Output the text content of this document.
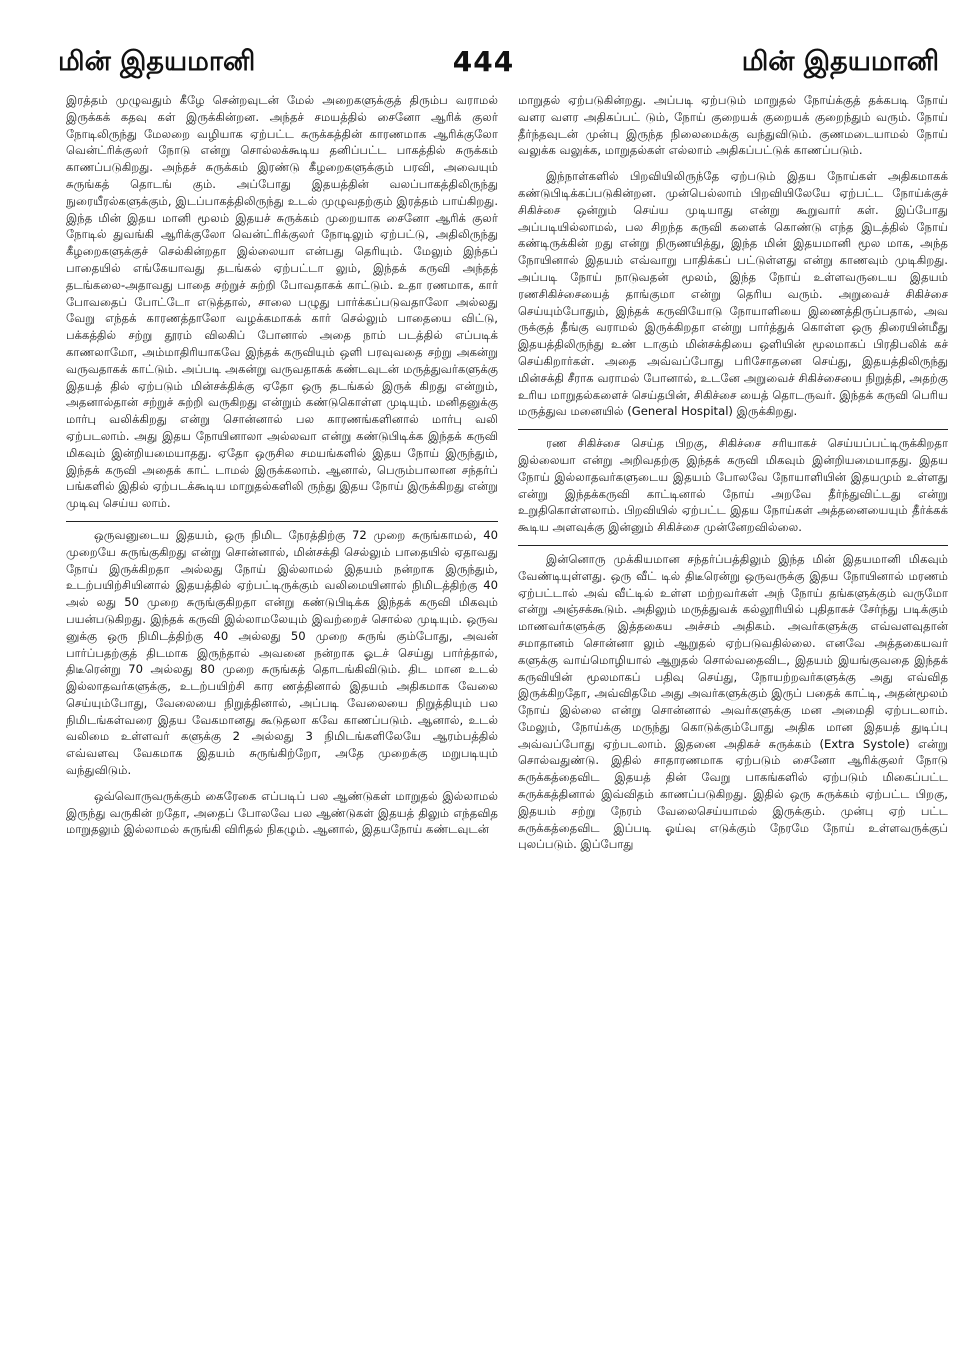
மின் இதயமானி	444	மின் இதயமானி

இரத்தம் முழுவதும் கீழே சென்றவுடன் மேல் அறைகளுக்குத் திரும்ப வராமல் இருக்கக் கதவு கள் இருக்கின்றன. அந்தச் சமயத்தில் சைனோ ஆரிக் குலர் நோடிலிருந்து மேலறை வழியாக ஏற்பட்ட சுருக்கத்தின் காரணமாக ஆரிக்குலோ வென்ட்ரிக்குலர் நோடு என்று சொல்லக்கூடிய தனிப்பட்ட பாகத்தில் சுருக்கம் காணப்படுகிறது. அந்தச் சுருக்கம் இரண்டு கீழறைகளுக்கும் பரவி, அவையும் சுருங்கத் தொடங் கும். அப்போது இதயத்தின் வலப்பாகத்திலிருந்து நுரையீரல்களுக்கும், இடப்பாகத்திலிருந்து உடல் முழுவதற்கும் இரத்தம் பாய்கிறது. இந்த மின் இதய மானி மூலம் இதயச் சுருக்கம் முறையாக சைனோ ஆரிக் குலர் நோடில் துவங்கி ஆரிக்குலோ வென்ட்ரிக்குலர் நோடிலும் ஏற்பட்டு, அதிலிருந்து கீழறைகளுக்குச் செல்கின்றதா இல்லையா என்பது தெரியும். மேலும் இந்தப் பாதையில் எங்கேயாவது தடங்கல் ஏற்பட்டா லும், இந்தக் கருவி அந்தத் தடங்கலை-அதாவது பாதை சற்றுச் சுற்றி போவதாகக் காட்டும். உதா ரணமாக, கார் போவதைப் போட்டோ எடுத்தால், சாலை பழுது பார்க்கப்படுவதாலோ அல்லது வேறு எந்தக் காரணத்தாலோ வழக்கமாகக் கார் செல்லும் பாதையை விட்டு, பக்கத்தில் சற்று தூரம் விலகிப் போனால் அதை நாம் படத்தில் எப்படிக் காணலாமோ, அம்மாதிரியாகவே இந்தக் கருவியும் ஒளி பரவுவதை சற்று அகன்று வருவதாகக் காட்டும். அப்படி அகன்று வருவதாகக் கண்டவுடன் மருத்துவர்களுக்கு இதயத் தில் ஏற்படும் மின்சக்திக்கு ஏதோ ஒரு தடங்கல் இருக் கிறது என்றும், அதனால்தான் சற்றுச் சுற்றி வருகிறது என்றும் கண்டுகொள்ள முடியும். மனிதனுக்கு மார்பு வலிக்கிறது என்று சொன்னால் பல காரணங்களினால் மார்பு வலி ஏற்படலாம். அது இதய நோயினாலா அல்லவா என்று கண்டுபிடிக்க இந்தக் கருவி மிகவும் இன்றியமையாதது. ஏதோ ஒருசில சமயங்களில் இதய நோய் இருந்தும், இந்தக் கருவி அதைக் காட் டாமல் இருக்கலாம். ஆனால், பெரும்பாலான சந்தர்ப் பங்களில் இதில் ஏற்படக்கூடிய மாறுதல்களிலி ருந்து இதய நோய் இருக்கிறது என்று முடிவு செய்ய லாம்.

ஒருவனுடைய இதயம், ஒரு நிமிட நேரத்திற்கு 72 முறை சுருங்காமல், 40 முறையே சுருங்குகிறது என்று சொன்னால், மின்சக்தி செல்லும் பாதையில் ஏதாவது நோய் இருக்கிறதா அல்லது நோய் இல்லாமல் இதயம் நன்றாக இருந்தும், உடற்பயிற்சியினால் இதயத்தில் ஏற்பட்டிருக்கும் வலிமையினால் நிமிடத்திற்கு 40 அல் லது 50 முறை சுருங்குகிறதா என்று கண்டுபிடிக்க இந்தக் கருவி மிகவும் பயன்படுகிறது. இந்தக் கருவி இல்லாமலேயும் இவற்றைச் சொல்ல முடியும். ஒருவ னுக்கு ஒரு நிமிடத்திற்கு 40 அல்லது 50 முறை சுருங் கும்போது, அவன் பார்ப்பதற்குத் திடமாக இருந்தால் அவனை நன்றாக ஓடச் செய்து பார்த்தால், திடீரென்று 70 அல்லது 80 முறை சுருங்கத் தொடங்கிவிடும். திட மான உடல் இல்லாதவர்களுக்கு, உடற்பயிற்சி கார ணத்தினால் இதயம் அதிகமாக வேலை செய்யும்போது, வேலையை நிறுத்தினால், அப்படி வேலையை நிறுத்தியும் பல நிமிடங்கள்வரை இதய வேகமானது கூடுதலா கவே காணப்படும். ஆனால், உடல் வலிமை உள்ளவர் களுக்கு 2 அல்லது 3 நிமிடங்களிலேயே ஆரம்பத்தில் எவ்வளவு வேகமாக இதயம் சுருங்கிற்றோ, அதே முறைக்கு மறுபடியும் வந்துவிடும்.

ஒவ்வொருவருக்கும் கைரேகை எப்படிப் பல ஆண்டுகள் மாறுதல் இல்லாமல் இருந்து வருகின் றதோ, அதைப் போலவே பல ஆண்டுகள் இதயத் திலும் எந்தவித மாறுதலும் இல்லாமல் சுருங்கி விரிதல் நிகழும். ஆனால், இதயநோய் கண்டவுடன்

மாறுதல் ஏற்படுகின்றது. அப்படி ஏற்படும் மாறுதல் நோய்க்குத் தக்கபடி நோய் வளர வளர அதிகப்பட் டும், நோய் குறையக் குறையக் குறைந்தும் வரும். நோய் தீர்ந்தவுடன் முன்பு இருந்த நிலைமைக்கு வந்துவிடும். குணமடையாமல் நோய் வலுக்க வலுக்க, மாறுதல்கள் எல்லாம் அதிகப்பட்டுக் காணப்படும்.

இந்நாள்களில் பிறவியிலிருந்தே ஏற்படும் இதய நோய்கள் அதிகமாகக் கண்டுபிடிக்கப்படுகின்றன. முன்பெல்லாம் பிறவியிலேயே ஏற்பட்ட நோய்க்குச் சிகிச்சை ஒன்றும் செய்ய முடியாது என்று கூறுவார் கள். இப்போது அப்படியில்லாமல், பல சிறந்த கருவி களைக் கொண்டு எந்த இடத்தில் நோய் கண்டிருக்கின் றது என்று நிருணயித்து, இந்த மின் இதயமானி மூல மாக, அந்த நோயினால் இதயம் எவ்வாறு பாதிக்கப் பட்டுள்ளது என்று காணவும் முடிகிறது. அப்படி நோய் நாடுவதன் மூலம், இந்த நோய் உள்ளவருடைய இதயம் ரணசிகிச்சையைத் தாங்குமா என்று தெரிய வரும். அறுவைச் சிகிச்சை செய்யும்போதும், இந்தக் கருவியோடு நோயாளியை இணைத்திருப்பதால், அவ ருக்குத் தீங்கு வராமல் இருக்கிறதா என்று பார்த்துக் கொள்ள ஒரு திரையின்மீது இதயத்திலிருந்து உண் டாகும் மின்சக்தியை ஒளியின் மூலமாகப் பிரதிபலிக் கச் செய்கிறார்கள். அதை அவ்வப்போது பரிசோதனை செய்து, இதயத்திலிருந்து மின்சக்தி சீராக வராமல் போனால், உடனே அறுவைச் சிகிச்சையை நிறுத்தி, அதற்கு உரிய மாறுதல்களைச் செய்தபின், சிகிச்சை யைத் தொடருவர். இந்தக் கருவி பெரிய மருத்துவ மனையில் (General Hospital) இருக்கிறது.

ரண சிகிச்சை செய்த பிறகு, சிகிச்சை சரியாகச் செய்யப்பட்டிருக்கிறதா இல்லையா என்று அறிவதற்கு இந்தக் கருவி மிகவும் இன்றியமையாதது. இதய நோய் இல்லாதவர்களுடைய இதயம் போலவே நோயாளியின் இதயமும் உள்ளது என்று இந்தக்கருவி காட்டினால் நோய் அறவே தீர்ந்துவிட்டது என்று உறுதிகொள்ளலாம். பிறவியில் ஏற்பட்ட இதய நோய்கள் அத்தனையையும் தீர்க்கக் கூடிய அளவுக்கு இன்னும் சிகிச்சை முன்னேறவில்லை.

இன்னொரு முக்கியமான சந்தர்ப்பத்திலும் இந்த மின் இதயமானி மிகவும் வேண்டியுள்ளது. ஒரு வீட் டில் திடீரென்று ஒருவருக்கு இதய நோயினால் மரணம் ஏற்பட்டால் அவ் வீட்டில் உள்ள மற்றவர்கள் அந் நோய் தங்களுக்கும் வருமோ என்று அஞ்சக்கூடும். அதிலும் மருத்துவக் கல்லூரியில் புதிதாகச் சேர்ந்து படிக்கும் மாணவர்களுக்கு இத்தகைய அச்சம் அதிகம். அவர்களுக்கு எவ்வளவுதான் சமாதானம் சொன்னா லும் ஆறுதல் ஏற்படுவதில்லை. எனவே அத்தகையவர் களுக்கு வாய்மொழியால் ஆறுதல் சொல்வதைவிட, இதயம் இயங்குவதை இந்தக் கருவியின் மூலமாகப் பதிவு செய்து, நோயற்றவர்களுக்கு அது எவ்வித இருக்கிறதோ, அவ்விதமே அது அவர்களுக்கும் இருப் பதைக் காட்டி, அதன்மூலம் நோய் இல்லை என்று சொன்னால் அவர்களுக்கு மன அமைதி ஏற்படலாம். மேலும், நோய்க்கு மருந்து கொடுக்கும்போது அதிக மான இதயத் துடிப்பு அவ்வப்போது ஏற்படலாம். இதனை அதிகச் சுருக்கம் (Extra Systole) என்று சொல்வதுண்டு. இதில் சாதாரணமாக ஏற்படும் சைனோ ஆரிக்குலர் நோடு சுருக்கத்தைவிட இதயத் தின் வேறு பாகங்களில் ஏற்படும் மிகைப்பட்ட சுருக்கத்தினால் இவ்விதம் காணப்படுகிறது. இதில் ஒரு சுருக்கம் ஏற்பட்ட பிறகு, இதயம் சற்று நேரம் வேலைசெய்யாமல் இருக்கும். முன்பு ஏற் பட்ட சுருக்கத்தைவிட இப்படி ஓய்வு எடுக்கும் நேரமே நோய் உள்ளவருக்குப் புலப்படும். இப்போது
